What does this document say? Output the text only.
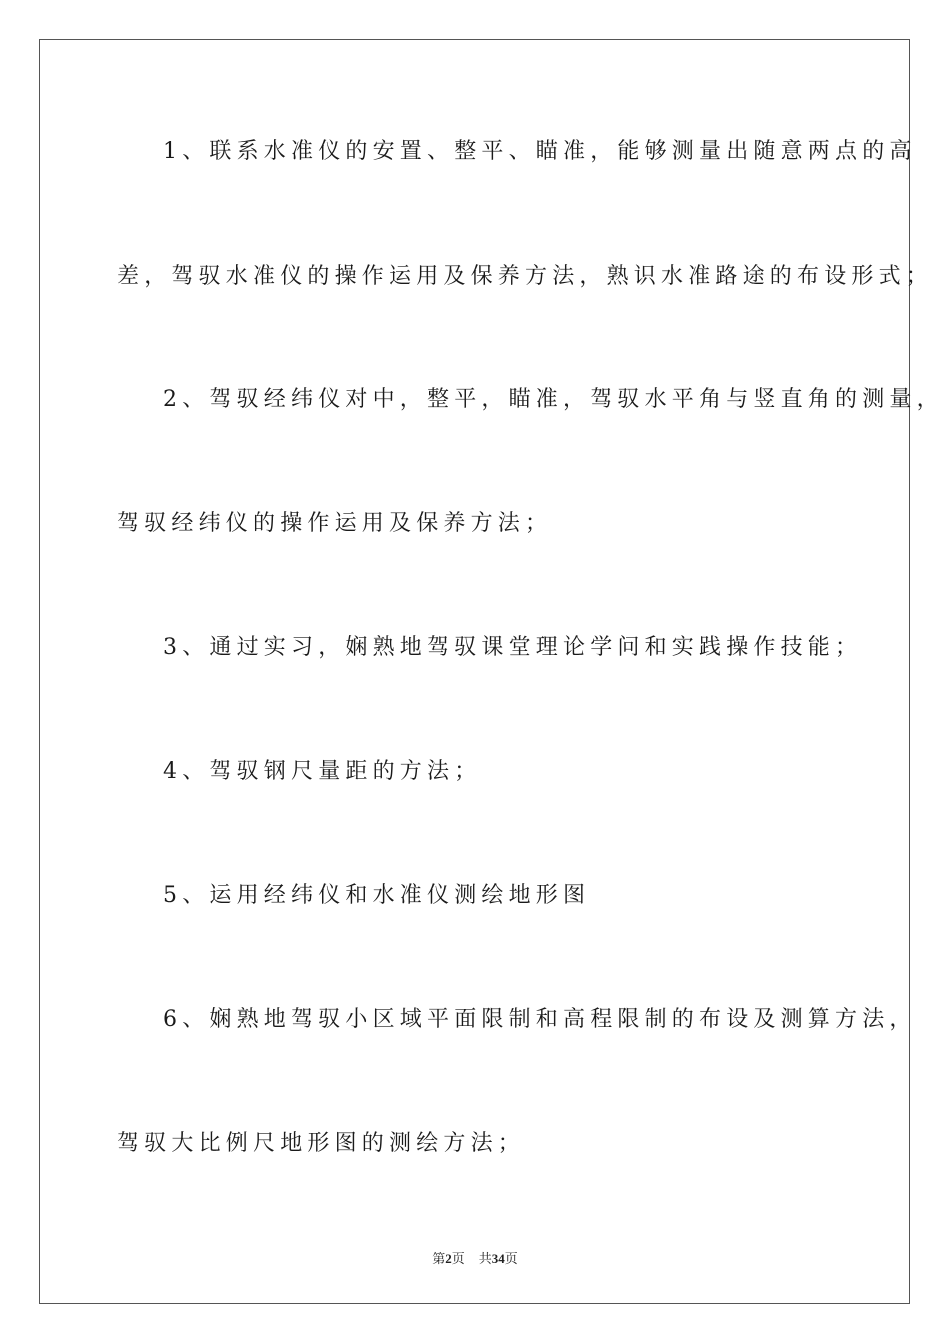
1、联系水准仪的安置、整平、瞄准，能够测量出随意两点的高
差，驾驭水准仪的操作运用及保养方法，熟识水准路途的布设形式；
2、驾驭经纬仪对中，整平，瞄准，驾驭水平角与竖直角的测量，
驾驭经纬仪的操作运用及保养方法；
3、通过实习，娴熟地驾驭课堂理论学问和实践操作技能；
4、驾驭钢尺量距的方法；
5、运用经纬仪和水准仪测绘地形图
6、娴熟地驾驭小区域平面限制和高程限制的布设及测算方法，
驾驭大比例尺地形图的测绘方法；
第2页 共34页
